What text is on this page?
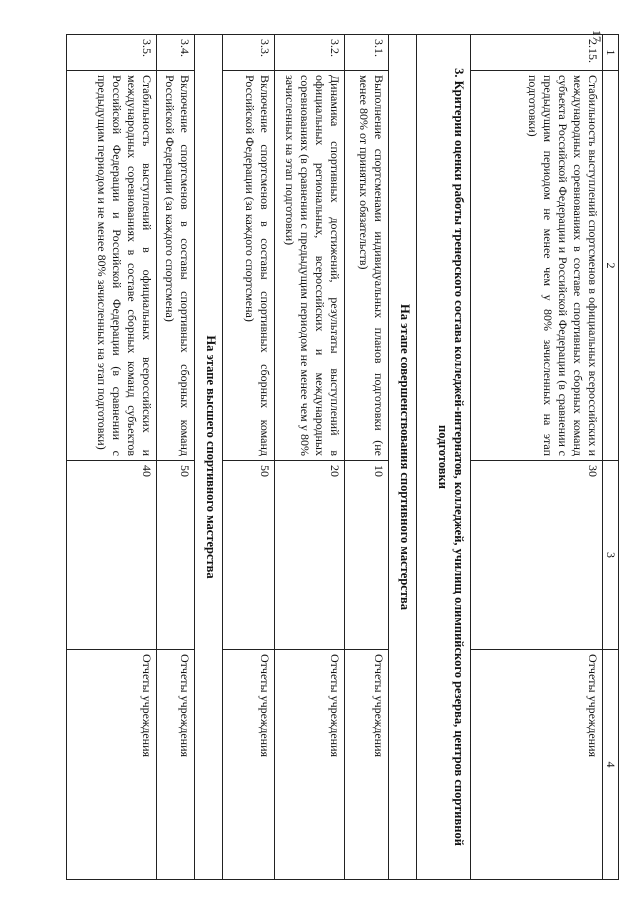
17
1	2	3	4
2.15.	Стабильность выступлений спортсменов в официальных всероссийских и международных соревнованиях в составе спортивных сборных команд субъекта Российской Федерации и Российской Федерации (в сравнении с предыдущим периодом не менее чем у 80% зачисленных на этап подготовки)	30	Отчеты учреждения
3. Критерии оценки работы тренерского состава колледжей-интернатов, колледжей, училищ олимпийского резерва, центров спортивной подготовки			
На этапе совершенствования спортивного мастерства			
3.1.	Выполнение спортсменами индивидуальных планов подготовки (не менее 80% от принятых обязательств)	10	Отчеты учреждения
3.2.	Динамика спортивных достижений, результаты выступлений в официальных региональных, всероссийских и международных соревнованиях (в сравнении с предыдущим периодом не менее чем у 80% зачисленных на этап подготовки)	20	Отчеты учреждения
3.3.	Включение спортсменов в составы спортивных сборных команд Российской Федерации (за каждого спортсмена)	50	Отчеты учреждения
На этапе высшего спортивного мастерства			
3.4.	Включение спортсменов в составы спортивных сборных команд Российской Федерации (за каждого спортсмена)	50	Отчеты учреждения
3.5.	Стабильность выступлений в официальных всероссийских и международных соревнованиях в составе сборных команд субъектов Российской Федерации и Российской Федерации (в сравнении с предыдущим периодом и не менее 80% зачисленных на этап подготовки)	40	Отчеты учреждения
